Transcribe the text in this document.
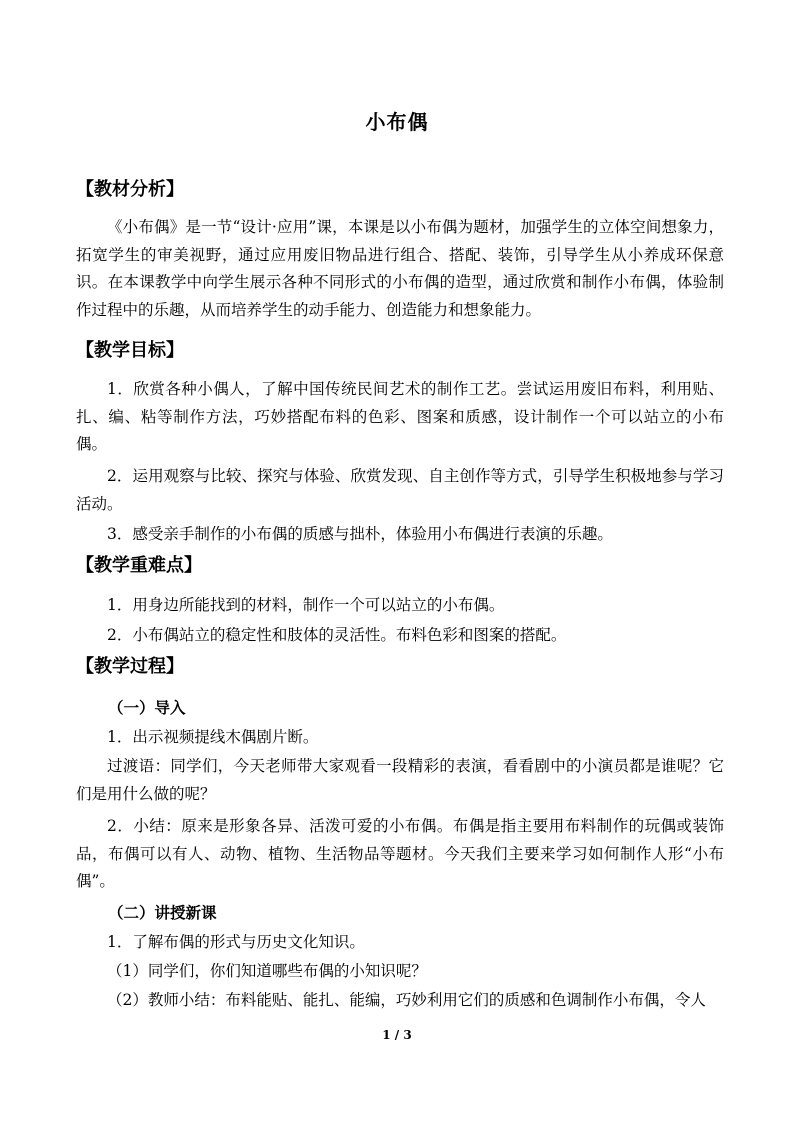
小布偶
【教材分析】
《小布偶》是一节“设计·应用”课，本课是以小布偶为题材，加强学生的立体空间想象力，拓宽学生的审美视野，通过应用废旧物品进行组合、搭配、装饰，引导学生从小养成环保意识。在本课教学中向学生展示各种不同形式的小布偶的造型，通过欣赏和制作小布偶，体验制作过程中的乐趣，从而培养学生的动手能力、创造能力和想象能力。
【教学目标】
1．欣赏各种小偶人，了解中国传统民间艺术的制作工艺。尝试运用废旧布料，利用贴、扎、编、粘等制作方法，巧妙搭配布料的色彩、图案和质感，设计制作一个可以站立的小布偶。
2．运用观察与比较、探究与体验、欣赏发现、自主创作等方式，引导学生积极地参与学习活动。
3．感受亲手制作的小布偶的质感与拙朴，体验用小布偶进行表演的乐趣。
【教学重难点】
1．用身边所能找到的材料，制作一个可以站立的小布偶。
2．小布偶站立的稳定性和肢体的灵活性。布料色彩和图案的搭配。
【教学过程】
（一）导入
1．出示视频提线木偶剧片断。
过渡语：同学们，今天老师带大家观看一段精彩的表演，看看剧中的小演员都是谁呢？它们是用什么做的呢？
2．小结：原来是形象各异、活泼可爱的小布偶。布偶是指主要用布料制作的玩偶或装饰品，布偶可以有人、动物、植物、生活物品等题材。今天我们主要来学习如何制作人形“小布偶”。
（二）讲授新课
1．了解布偶的形式与历史文化知识。
（1）同学们，你们知道哪些布偶的小知识呢？
（2）教师小结：布料能贴、能扎、能编，巧妙利用它们的质感和色调制作小布偶，令人
1 / 3
